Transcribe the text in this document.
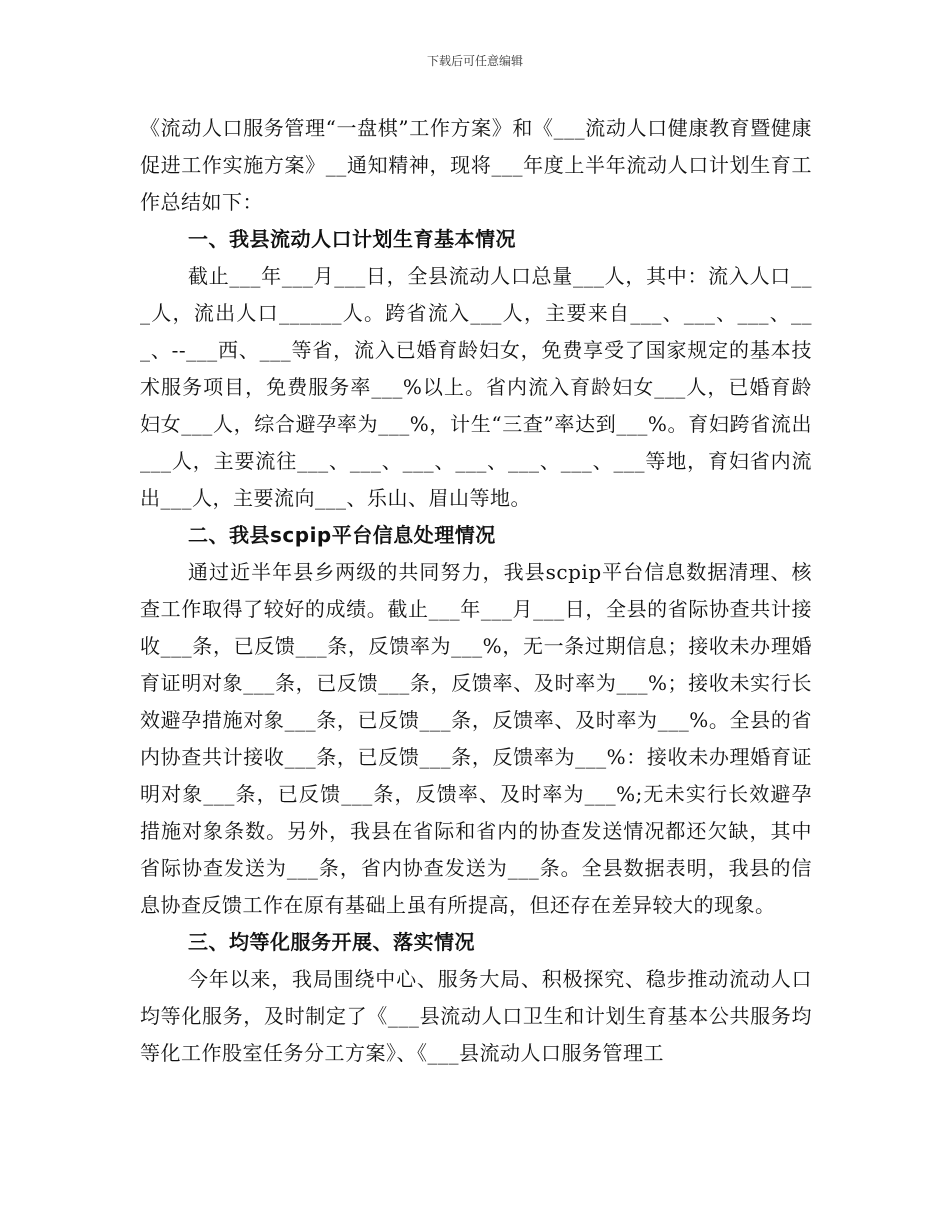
下载后可任意编辑

《流动人口服务管理“一盘棋”工作方案》和《___流动人口健康教育暨健康促进工作实施方案》__通知精神，现将___年度上半年流动人口计划生育工作总结如下：

一、我县流动人口计划生育基本情况

截止___年___月___日，全县流动人口总量___人，其中：流入人口___人，流出人口______人。跨省流入___人，主要来自___、___、___、___、--___西、___等省，流入已婚育龄妇女，免费享受了国家规定的基本技术服务项目，免费服务率___%以上。省内流入育龄妇女___人，已婚育龄妇女___人，综合避孕率为___%，计生“三查”率达到___%。育妇跨省流出___人，主要流往___、___、___、___、___、___、___等地，育妇省内流出___人，主要流向___、乐山、眉山等地。

二、我县scpip平台信息处理情况

通过近半年县乡两级的共同努力，我县scpip平台信息数据清理、核查工作取得了较好的成绩。截止___年___月___日，全县的省际协查共计接收___条，已反馈___条，反馈率为___%，无一条过期信息；接收未办理婚育证明对象___条，已反馈___条，反馈率、及时率为___%；接收未实行长效避孕措施对象___条，已反馈___条，反馈率、及时率为___%。全县的省内协查共计接收___条，已反馈___条，反馈率为___%：接收未办理婚育证明对象___条，已反馈___条，反馈率、及时率为___%;无未实行长效避孕措施对象条数。另外，我县在省际和省内的协查发送情况都还欠缺，其中省际协查发送为___条，省内协查发送为___条。全县数据表明，我县的信息协查反馈工作在原有基础上虽有所提高，但还存在差异较大的现象。

三、均等化服务开展、落实情况

今年以来，我局围绕中心、服务大局、积极探究、稳步推动流动人口均等化服务，及时制定了《___县流动人口卫生和计划生育基本公共服务均等化工作股室任务分工方案》、《___县流动人口服务管理工
